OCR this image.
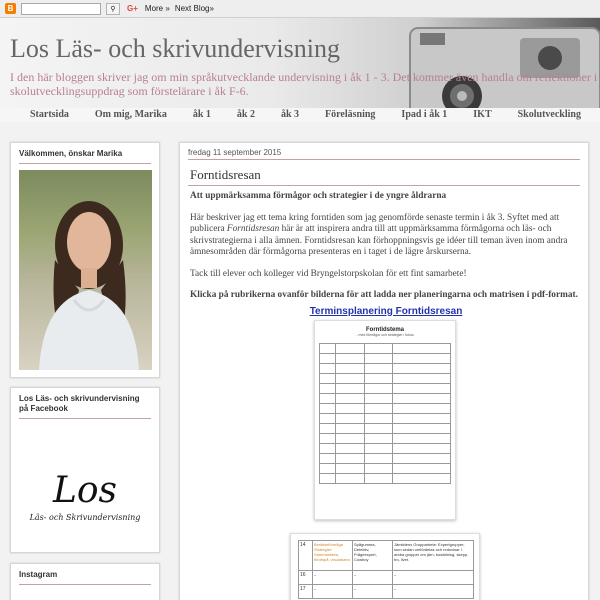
B	⚲	G+ More » Next Blog»
Los Läs- och skrivundervisning
I den här bloggen skriver jag om min språkutvecklande undervisning i åk 1 - 3. Det kommer även handla om reflektioner i
skolutvecklingsuppdrag som förstelärare i åk F-6.
Startsida	Om mig, Marika	åk 1	åk 2	åk 3	Föreläsning	Ipad i åk 1	IKT	Skolutveckling
Välkommen, önskar Marika
Los Läs- och skrivundervisning på Facebook
Los
Läs- och Skrivundervisning
Instagram
fredag 11 september 2015
Forntidsresan

Att uppmärksamma förmågor och strategier i de yngre åldrarna

Här beskriver jag ett tema kring forntiden som jag genomförde senaste termin i åk 3. Syftet med att publicera Forntidsresan här är att inspirera andra till att uppmärksamma förmågorna och läs- och skrivstrategierna i alla ämnen. Forntidsresan kan förhoppningsvis ge idéer till teman även inom andra ämnesområden där förmågorna presenteras en i taget i de lägre årskurserna.

Tack till elever och kolleger vid Bryngelstorpskolan för ett fint samarbete!

Klicka på rubrikerna ovanför bilderna för att ladda ner planeringarna och matrisen i pdf-format.

Terminsplanering Forntidsresan
Forntidstema
- med förmågor och strategier i fokus

14	Berättarförmåga Strategier: Sammanfatta, förutspå, visualisera	Spågumma, Detektiv, Frågeexpert, Cowboy	Jämtidens Grupparbete: Expertgrupper; som sedan omfördelas och redovisar i andra grupper om järn, bosättning, skepp, tro, livet.
16	–	–	–
17	–	–	–
